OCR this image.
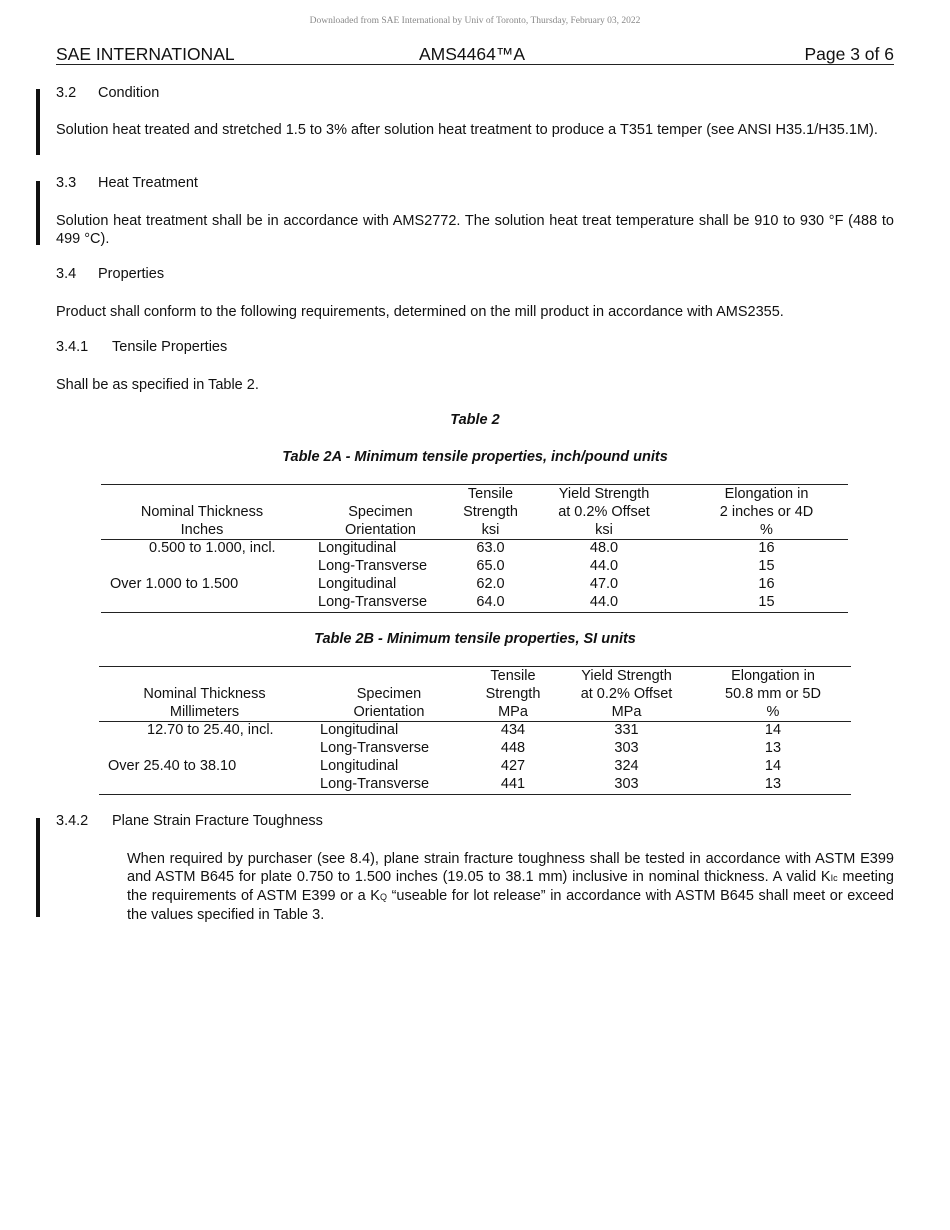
Downloaded from SAE International by Univ of Toronto, Thursday, February 03, 2022
SAE INTERNATIONAL	AMS4464™A	Page 3 of 6
3.2 Condition
Solution heat treated and stretched 1.5 to 3% after solution heat treatment to produce a T351 temper (see ANSI H35.1/H35.1M).
3.3 Heat Treatment
Solution heat treatment shall be in accordance with AMS2772. The solution heat treat temperature shall be 910 to 930 °F (488 to 499 °C).
3.4 Properties
Product shall conform to the following requirements, determined on the mill product in accordance with AMS2355.
3.4.1 Tensile Properties
Shall be as specified in Table 2.
Table 2
Table 2A - Minimum tensile properties, inch/pound units
		Tensile	Yield Strength	Elongation in
Nominal Thickness	Specimen	Strength	at 0.2% Offset	2 inches or 4D
Inches	Orientation	ksi	ksi	%
0.500 to 1.000, incl.	Longitudinal	63.0	48.0	16
	Long-Transverse	65.0	44.0	15
Over 1.000 to 1.500	Longitudinal	62.0	47.0	16
	Long-Transverse	64.0	44.0	15
Table 2B - Minimum tensile properties, SI units
		Tensile	Yield Strength	Elongation in
Nominal Thickness	Specimen	Strength	at 0.2% Offset	50.8 mm or 5D
Millimeters	Orientation	MPa	MPa	%
12.70 to 25.40, incl.	Longitudinal	434	331	14
	Long-Transverse	448	303	13
Over 25.40 to 38.10	Longitudinal	427	324	14
	Long-Transverse	441	303	13
3.4.2 Plane Strain Fracture Toughness
When required by purchaser (see 8.4), plane strain fracture toughness shall be tested in accordance with ASTM E399 and ASTM B645 for plate 0.750 to 1.500 inches (19.05 to 38.1 mm) inclusive in nominal thickness. A valid KIc meeting the requirements of ASTM E399 or a KQ “useable for lot release” in accordance with ASTM B645 shall meet or exceed the values specified in Table 3.
